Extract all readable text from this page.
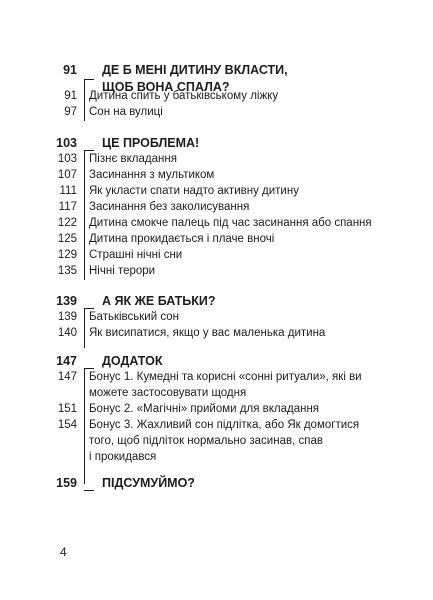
91 ДЕ Б МЕНІ ДИТИНУ ВКЛАСТИ,
ЩОБ ВОНА СПАЛА?
91 Дитина спить у батьківському ліжку
97 Сон на вулиці
103 ЦЕ ПРОБЛЕМА!
103 Пізнє вкладання
107 Засинання з мультиком
111 Як укласти спати надто активну дитину
117 Засинання без заколисування
122 Дитина смокче палець під час засинання або спання
125 Дитина прокидається і плаче вночі
129 Страшні нічні сни
135 Нічні терори
139 А ЯК ЖЕ БАТЬКИ?
139 Батьківський сон
140 Як висипатися, якщо у вас маленька дитина
147 ДОДАТОК
147 Бонус 1. Кумедні та корисні «сонні ритуали», які ви
можете застосовувати щодня
151 Бонус 2. «Магічні» прийоми для вкладання
154 Бонус 3. Жахливий сон підлітка, або Як домогтися
того, щоб підліток нормально засинав, спав
і прокидався
159 ПІДСУМУЙМО?
4
